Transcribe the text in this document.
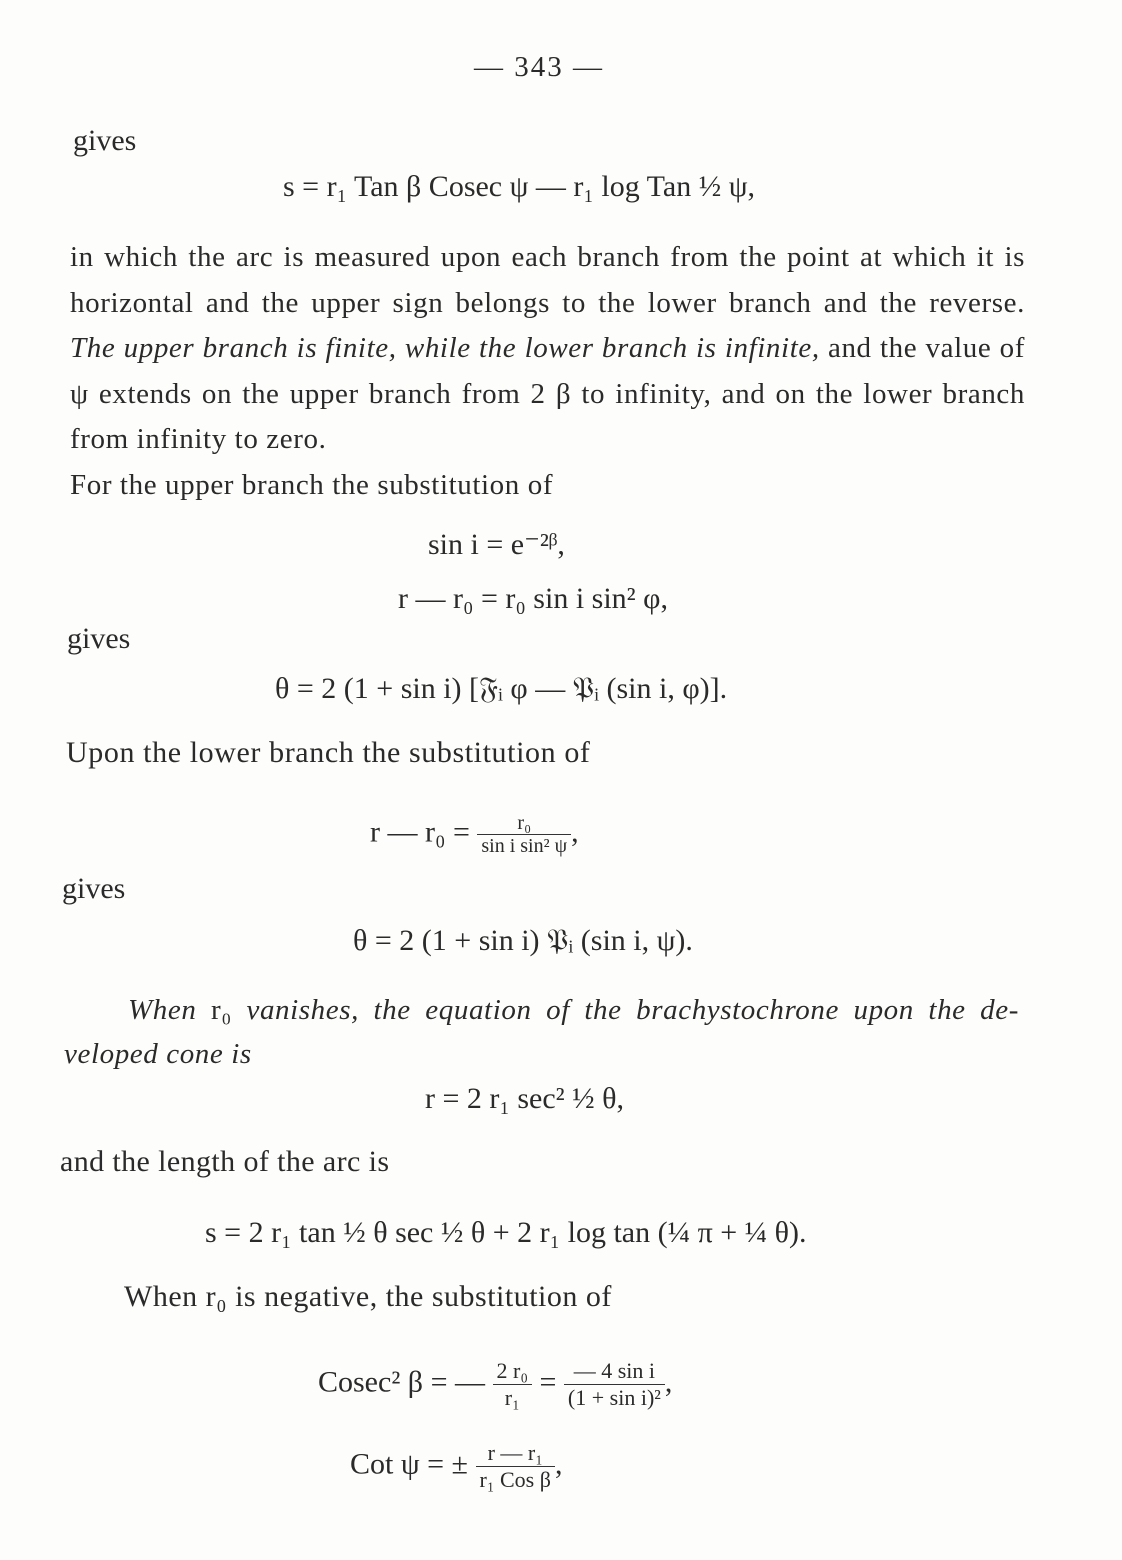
— 343 —
gives
s = r₁ Tan β Cosec ψ — r₁ log Tan ½ ψ,
in which the arc is measured upon each branch from the point at which it is horizontal and the upper sign belongs to the lower branch and the reverse. The upper branch is finite, while the lower branch is infinite, and the value of ψ extends on the upper branch from 2 β to infinity, and on the lower branch from infinity to zero.
For the upper branch the substitution of
sin i = e⁻²ᵝ,
r — r₀ = r₀ sin i sin² φ,
gives
θ = 2 (1 + sin i) [𝔉ᵢ φ — 𝔓ᵢ (sin i, φ)].
Upon the lower branch the substitution of
r — $r_0 = \frac{\text{r₀}}{\text{sin i sin² ψ}}$ ,
gives
θ = 2 (1 + sin i) 𝔓ᵢ (sin i, ψ).
When r₀ vanishes, the equation of the brachystochrone upon the de- veloped cone is
r = 2 r₁ sec² ½ θ,
and the length of the arc is
s = 2 r₁ tan ½ θ sec ½ θ + 2 r₁ log tan (¼ π + ¼ θ).
When r₀ is negative, the substitution of
Cosec² β = — $\frac{\text{2 r₀}}{\text{r₁}} = \frac{\text{— 4 sin i}}{\text{(1 + sin i)²}}$ ,
Cot ψ = ± $\frac{\text{r — r₁}}{\text{r₁ Cos β}}$ ,
